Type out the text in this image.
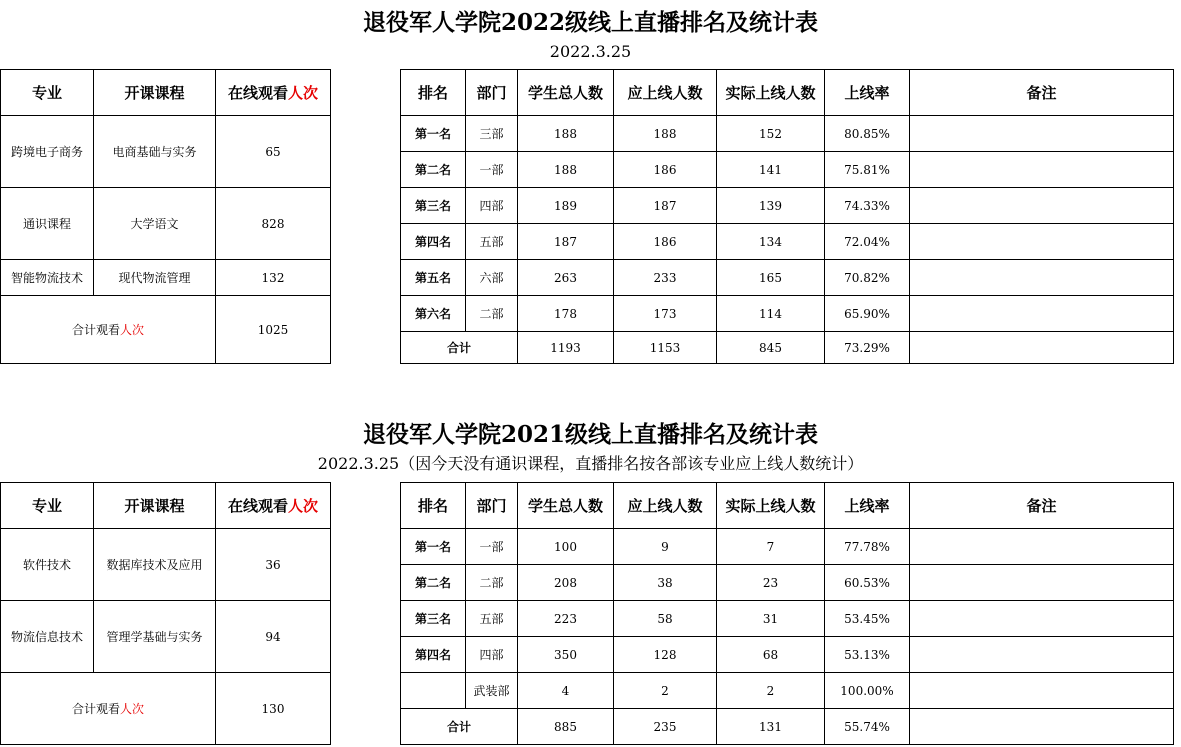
退役军人学院2022级线上直播排名及统计表
2022.3.25
专业	开课课程	在线观看人次		排名	部门	学生总人数	应上线人数	实际上线人数	上线率	备注
跨境电子商务	电商基础与实务	65		第一名	三部	188	188	152	80.85%	
				第二名	一部	188	186	141	75.81%	
通识课程	大学语文	828		第三名	四部	189	187	139	74.33%	
				第四名	五部	187	186	134	72.04%	
智能物流技术	现代物流管理	132		第五名	六部	263	233	165	70.82%	
合计观看人次		1025		第六名	二部	178	173	114	65.90%	
				合计		1193	1153	845	73.29%	
退役军人学院2021级线上直播排名及统计表
2022.3.25（因今天没有通识课程，直播排名按各部该专业应上线人数统计）
专业	开课课程	在线观看人次		排名	部门	学生总人数	应上线人数	实际上线人数	上线率	备注
软件技术	数据库技术及应用	36		第一名	一部	100	9	7	77.78%	
				第二名	二部	208	38	23	60.53%	
物流信息技术	管理学基础与实务	94		第三名	五部	223	58	31	53.45%	
				第四名	四部	350	128	68	53.13%	
合计观看人次		130			武装部	4	2	2	100.00%	
				合计		885	235	131	55.74%	
